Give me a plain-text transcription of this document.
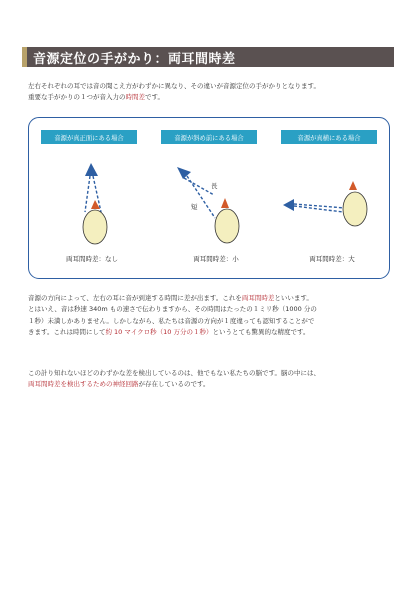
音源定位の手がかり：両耳間時差
左右それぞれの耳では音の聞こえ方がわずかに異なり、その違いが音源定位の手がかりとなります。
重要な手がかりの１つが音入力の時間差です。
音源が真正面にある場合	音源が斜め前にある場合	音源が真横にある場合
長
短
両耳間時差：なし	両耳間時差：小	両耳間時差：大
音源の方向によって、左右の耳に音が到達する時間に差が出ます。これを両耳間時差といいます。
とはいえ、音は秒速 340m もの速さで伝わりますから、その時間はたったの１ミリ秒（1000 分の
１秒）未満しかありません。しかしながら、私たちは音源の方向が１度違っても認知することがで
きます。これは時間にして約 10 マイクロ秒（10 万分の１秒）というとても驚異的な精度です。
この計り知れないほどのわずかな差を検出しているのは、他でもない私たちの脳です。脳の中には、
両耳間時差を検出するための神経回路が存在しているのです。
